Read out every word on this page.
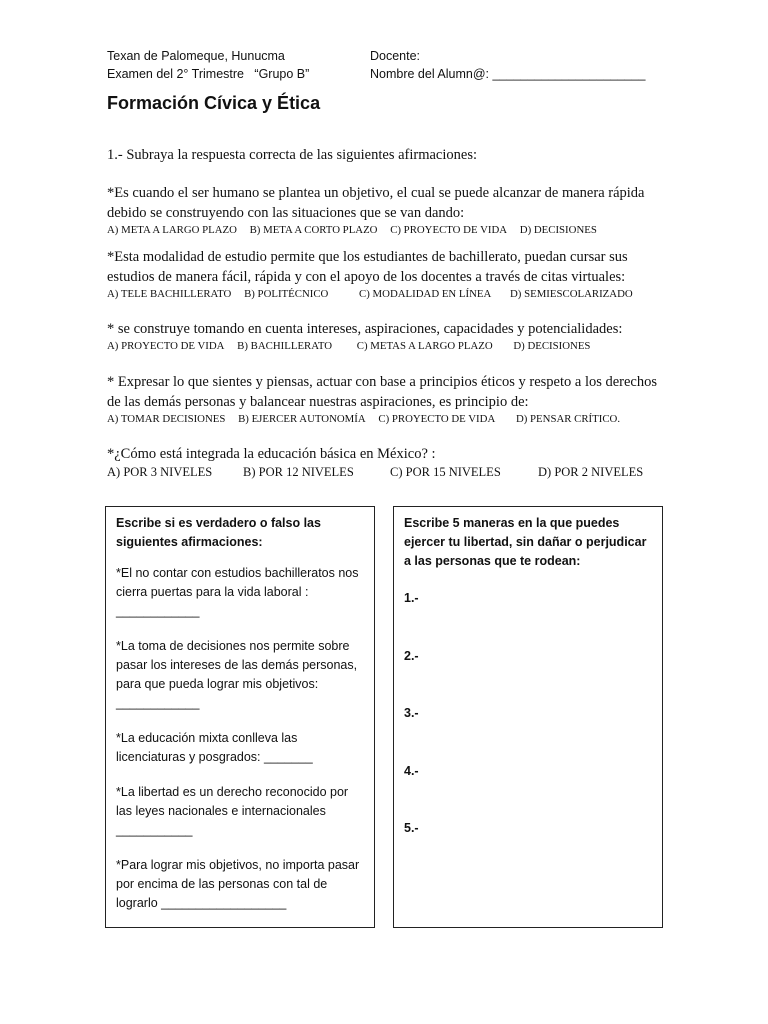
Texan de Palomeque, Hunucma
Examen del 2° Trimestre   “Grupo B”
Docente:
Nombre del Alumn@: ______________________
Formación Cívica y Ética
1.- Subraya la respuesta correcta de las siguientes afirmaciones:
*Es cuando el ser humano se plantea un objetivo, el cual se puede alcanzar de manera rápida debido se construyendo con las situaciones que se van dando:
A) META A LARGO PLAZO B) META A CORTO PLAZO C) PROYECTO DE VIDA D) DECISIONES
*Esta modalidad de estudio permite que los estudiantes de bachillerato, puedan cursar sus estudios de manera fácil, rápida y con el apoyo de los docentes a través de citas virtuales:
A) TELE BACHILLERATO B) POLITÉCNICO	C) MODALIDAD EN LÍNEA D) SEMIESCOLARIZADO
* se construye tomando en cuenta intereses, aspiraciones, capacidades y potencialidades:
A) PROYECTO DE VIDA B) BACHILLERATO C) METAS A LARGO PLAZO D) DECISIONES
* Expresar lo que sientes y piensas, actuar con base a principios éticos y respeto a los derechos de las demás personas y balancear nuestras aspiraciones, es principio de:
A) TOMAR DECISIONES B) EJERCER AUTONOMÍA C) PROYECTO DE VIDA D) PENSAR CRÍTICO.
*¿Cómo está integrada la educación básica en México? :
A) POR 3 NIVELES B) POR 12 NIVELES	C) POR 15 NIVELES	D) POR 2 NIVELES
Escribe si es verdadero o falso las siguientes afirmaciones:
*El no contar con estudios bachilleratos nos cierra puertas para la vida laboral : ____________
*La toma de decisiones nos permite sobre pasar los intereses de las demás personas, para que pueda lograr mis objetivos: ____________
*La educación mixta conlleva las licenciaturas y posgrados: _______
*La libertad es un derecho reconocido por las leyes nacionales e internacionales ___________
*Para lograr mis objetivos, no importa pasar por encima de las personas con tal de lograrlo __________________
Escribe 5 maneras en la que puedes ejercer tu libertad, sin dañar o perjudicar a las personas que te rodean:
1.-
2.-
3.-
4.-
5.-
